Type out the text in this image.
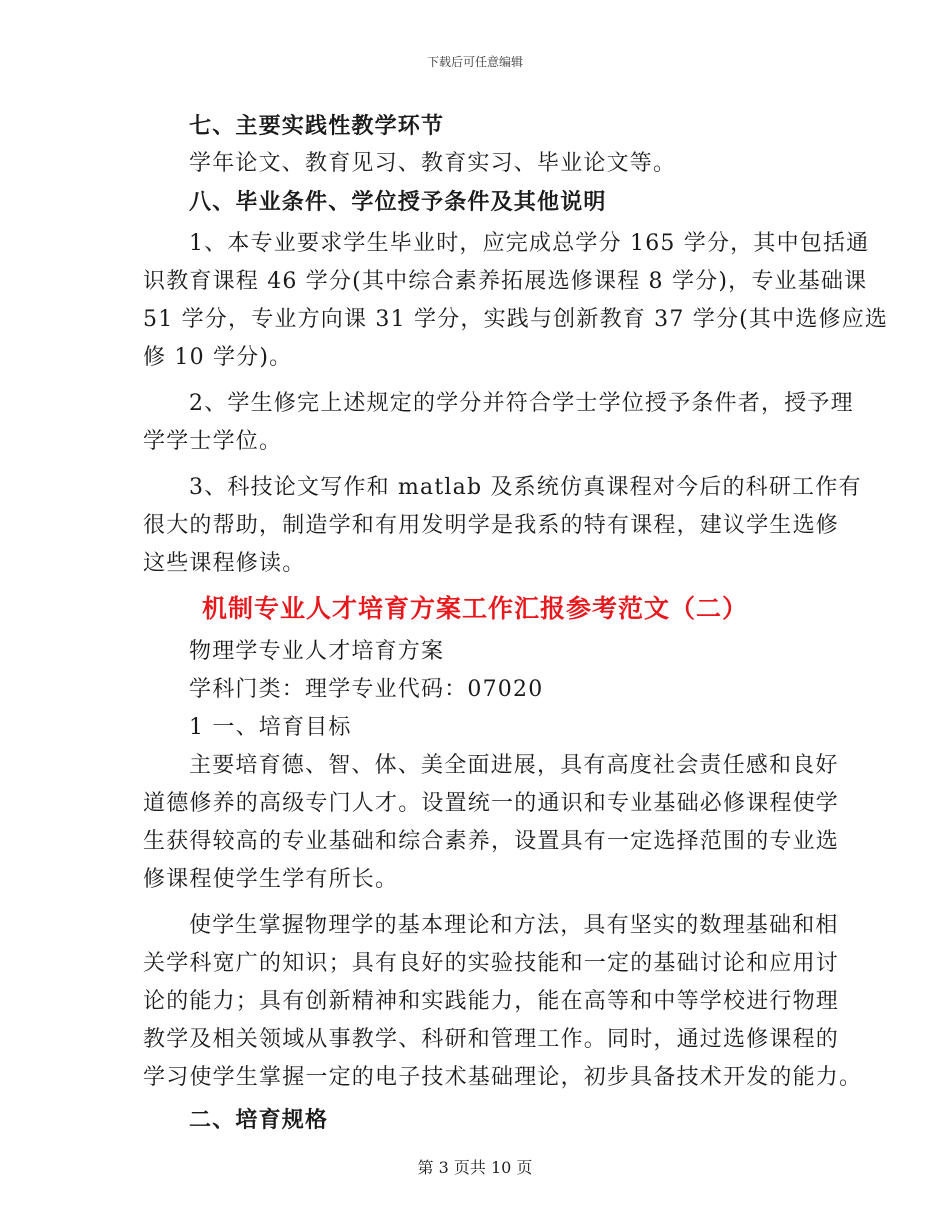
下载后可任意编辑
七、主要实践性教学环节
学年论文、教育见习、教育实习、毕业论文等。
八、毕业条件、学位授予条件及其他说明
1、本专业要求学生毕业时，应完成总学分 165 学分，其中包括通
识教育课程 46 学分(其中综合素养拓展选修课程 8 学分)，专业基础课
51 学分，专业方向课 31 学分，实践与创新教育 37 学分(其中选修应选
修 10 学分)。
2、学生修完上述规定的学分并符合学士学位授予条件者，授予理
学学士学位。
3、科技论文写作和 matlab 及系统仿真课程对今后的科研工作有
很大的帮助，制造学和有用发明学是我系的特有课程，建议学生选修
这些课程修读。
机制专业人才培育方案工作汇报参考范文（二）
物理学专业人才培育方案
学科门类：理学专业代码：07020
1 一、培育目标
主要培育德、智、体、美全面进展，具有高度社会责任感和良好
道德修养的高级专门人才。设置统一的通识和专业基础必修课程使学
生获得较高的专业基础和综合素养，设置具有一定选择范围的专业选
修课程使学生学有所长。
使学生掌握物理学的基本理论和方法，具有坚实的数理基础和相
关学科宽广的知识；具有良好的实验技能和一定的基础讨论和应用讨
论的能力；具有创新精神和实践能力，能在高等和中等学校进行物理
教学及相关领域从事教学、科研和管理工作。同时，通过选修课程的
学习使学生掌握一定的电子技术基础理论，初步具备技术开发的能力。
二、培育规格
第 3 页共 10 页
